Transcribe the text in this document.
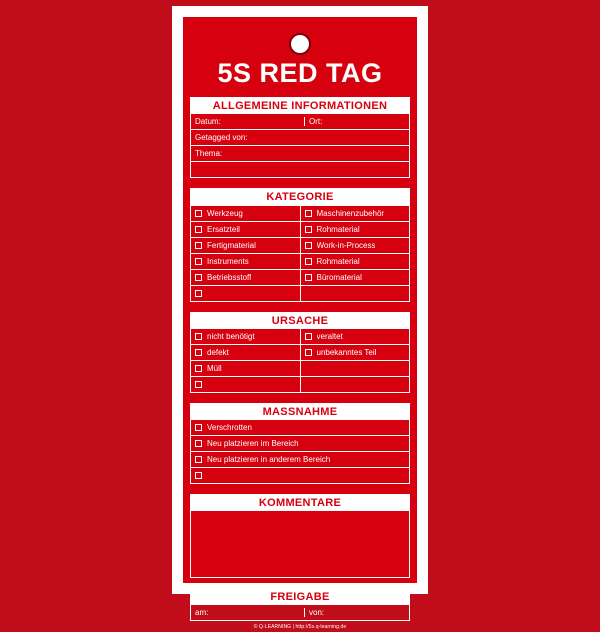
5S RED TAG
ALLGEMEINE INFORMATIONEN
Datum:	Ort:
Getagged von:
Thema:
KATEGORIE
Werkzeug	Maschinenzubehör

Ersatzteil	Rohmaterial

Fertigmaterial	Work-in-Process

Instruments	Rohmaterial

Betriebsstoff	Büromaterial

URSACHE
nicht benötigt	veraltet

defekt	unbekanntes Teil

Müll	

MASSNAHME
Verschrotten

Neu platzieren im Bereich

Neu platzieren in anderem Bereich

KOMMENTARE
FREIGABE
am:	von:
© Q-LEARNING | http://5s.q-learning.de
